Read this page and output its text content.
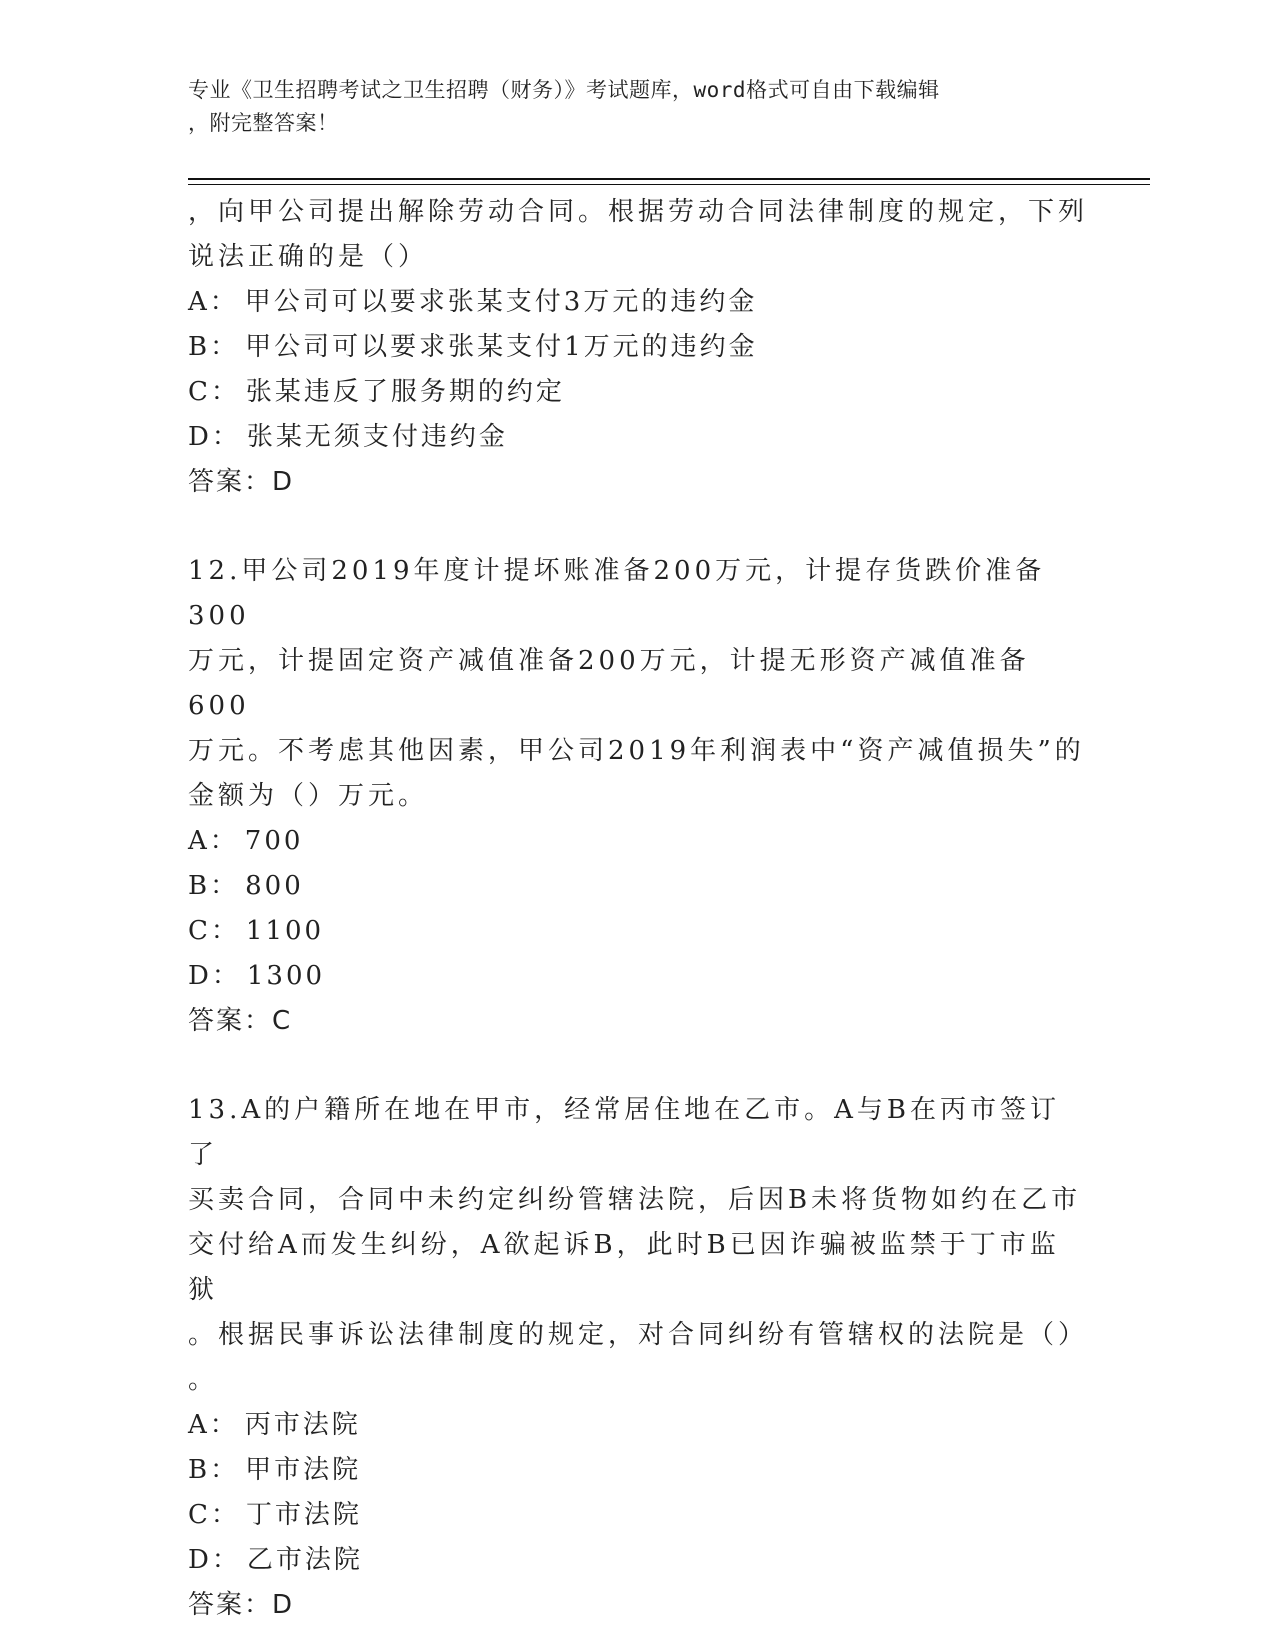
专业《卫生招聘考试之卫生招聘（财务）》考试题库，word格式可自由下载编辑
，附完整答案！

，向甲公司提出解除劳动合同。根据劳动合同法律制度的规定，下列

说法正确的是（）

A： 甲公司可以要求张某支付3万元的违约金

B： 甲公司可以要求张某支付1万元的违约金

C： 张某违反了服务期的约定

D： 张某无须支付违约金

答案：D

12.甲公司2019年度计提坏账准备200万元，计提存货跌价准备300

万元，计提固定资产减值准备200万元，计提无形资产减值准备600

万元。不考虑其他因素，甲公司2019年利润表中“资产减值损失”的

金额为（）万元。

A： 700

B： 800

C： 1100

D： 1300

答案：C

13.A的户籍所在地在甲市，经常居住地在乙市。A与B在丙市签订了

买卖合同，合同中未约定纠纷管辖法院，后因B未将货物如约在乙市

交付给A而发生纠纷，A欲起诉B，此时B已因诈骗被监禁于丁市监狱

。根据民事诉讼法律制度的规定，对合同纠纷有管辖权的法院是（）

。

A： 丙市法院

B： 甲市法院

C： 丁市法院

D： 乙市法院

答案：D
